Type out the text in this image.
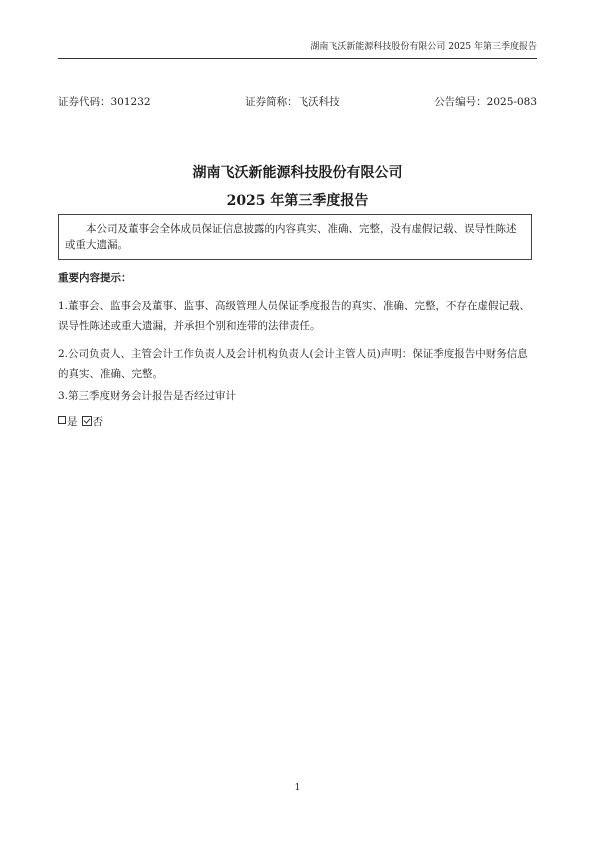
湖南飞沃新能源科技股份有限公司 2025 年第三季度报告
证券代码：301232	证券简称：飞沃科技	公告编号：2025-083
湖南飞沃新能源科技股份有限公司
2025 年第三季度报告
本公司及董事会全体成员保证信息披露的内容真实、准确、完整，没有虚假记载、误导性陈述或重大遗漏。
重要内容提示：
1.董事会、监事会及董事、监事、高级管理人员保证季度报告的真实、准确、完整，不存在虚假记载、误导性陈述或重大遗漏，并承担个别和连带的法律责任。
2.公司负责人、主管会计工作负责人及会计机构负责人(会计主管人员)声明：保证季度报告中财务信息的真实、准确、完整。
3.第三季度财务会计报告是否经过审计
是 否
1
